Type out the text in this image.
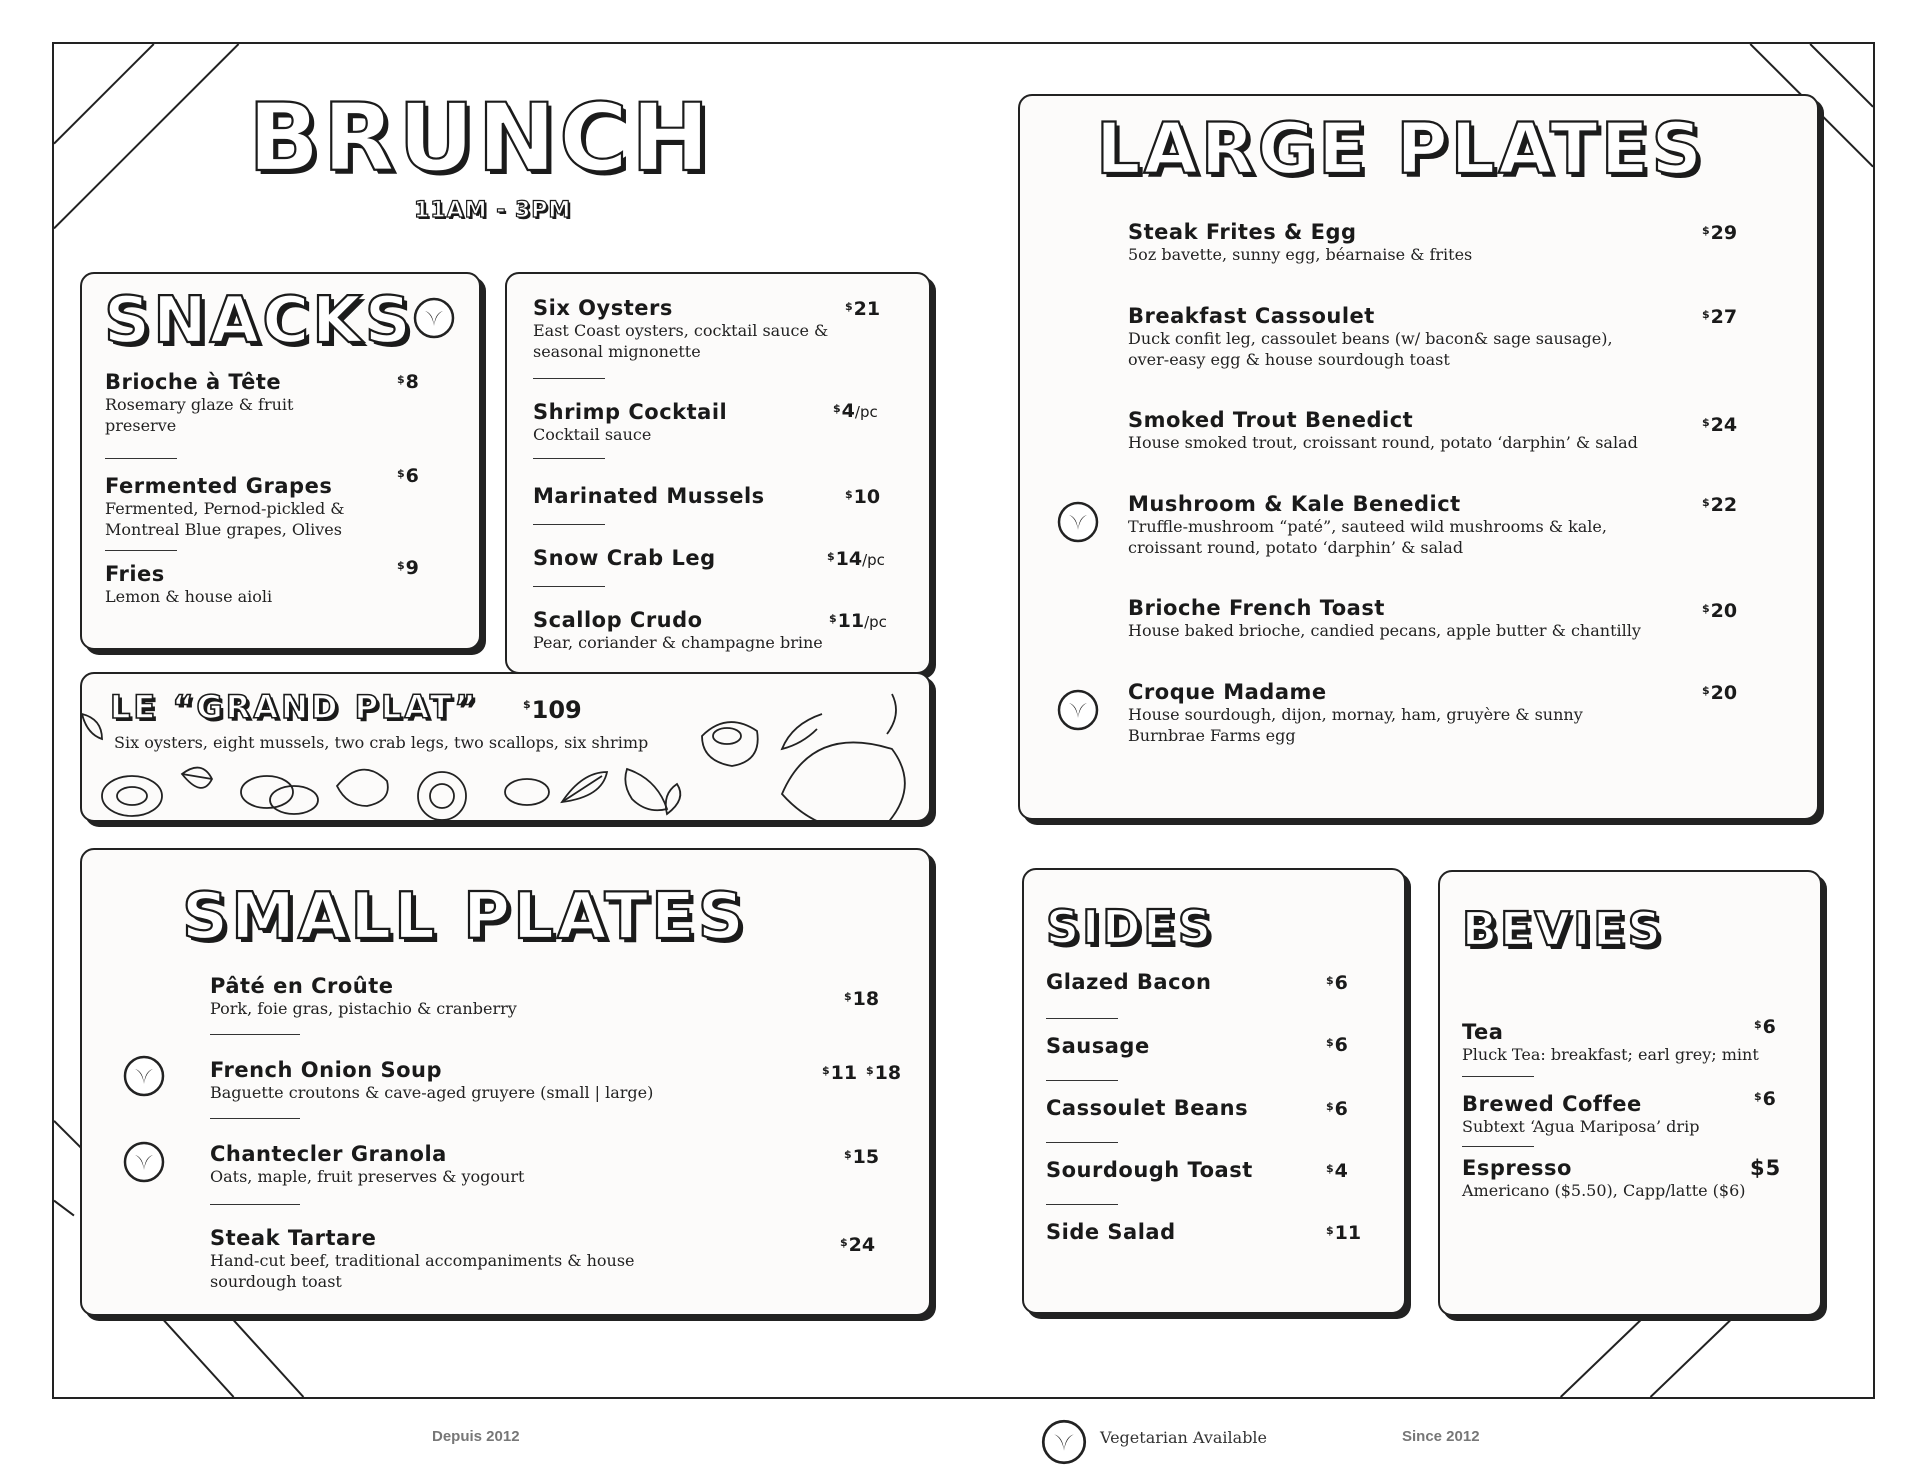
BRUNCH
11AM - 3PM
SNACKS
Brioche à Tête
Rosemary glaze & fruit preserve
$8
Fermented Grapes
Fermented, Pernod-pickled & Montreal Blue grapes, Olives
$6
Fries
Lemon & house aioli
$9
Six Oysters
East Coast oysters, cocktail sauce & seasonal mignonette
$21
Shrimp Cocktail
Cocktail sauce
$4/pc
Marinated Mussels	$10
Snow Crab Leg	$14/pc
Scallop Crudo
Pear, coriander & champagne brine
$11/pc
LE “GRAND PLAT”	$109
Six oysters, eight mussels, two crab legs, two scallops, six shrimp
SMALL PLATES
Pâté en Croûte
Pork, foie gras, pistachio & cranberry
$18
French Onion Soup
Baguette croutons & cave-aged gruyere (small | large)
$11 $18
Chantecler Granola
Oats, maple, fruit preserves & yogourt
$15
Steak Tartare
Hand-cut beef, traditional accompaniments & house sourdough toast
$24
LARGE PLATES
Steak Frites & Egg
5oz bavette, sunny egg, béarnaise & frites
$29
Breakfast Cassoulet
Duck confit leg, cassoulet beans (w/ bacon& sage sausage), over-easy egg & house sourdough toast
$27
Smoked Trout Benedict
House smoked trout, croissant round, potato ‘darphin’ & salad
$24
Mushroom & Kale Benedict
Truffle-mushroom “paté”, sauteed wild mushrooms & kale, croissant round, potato ‘darphin’ & salad
$22
Brioche French Toast
House baked brioche, candied pecans, apple butter & chantilly
$20
Croque Madame
House sourdough, dijon, mornay, ham, gruyère & sunny Burnbrae Farms egg
$20
SIDES
Glazed Bacon	$6
Sausage	$6
Cassoulet Beans	$6
Sourdough Toast	$4
Side Salad	$11
BEVIES
Tea
Pluck Tea: breakfast; earl grey; mint
$6
Brewed Coffee
Subtext ‘Agua Mariposa’ drip
$6
Espresso
Americano ($5.50), Capp/latte ($6)
$5
Depuis 2012	Vegetarian Available	Since 2012
